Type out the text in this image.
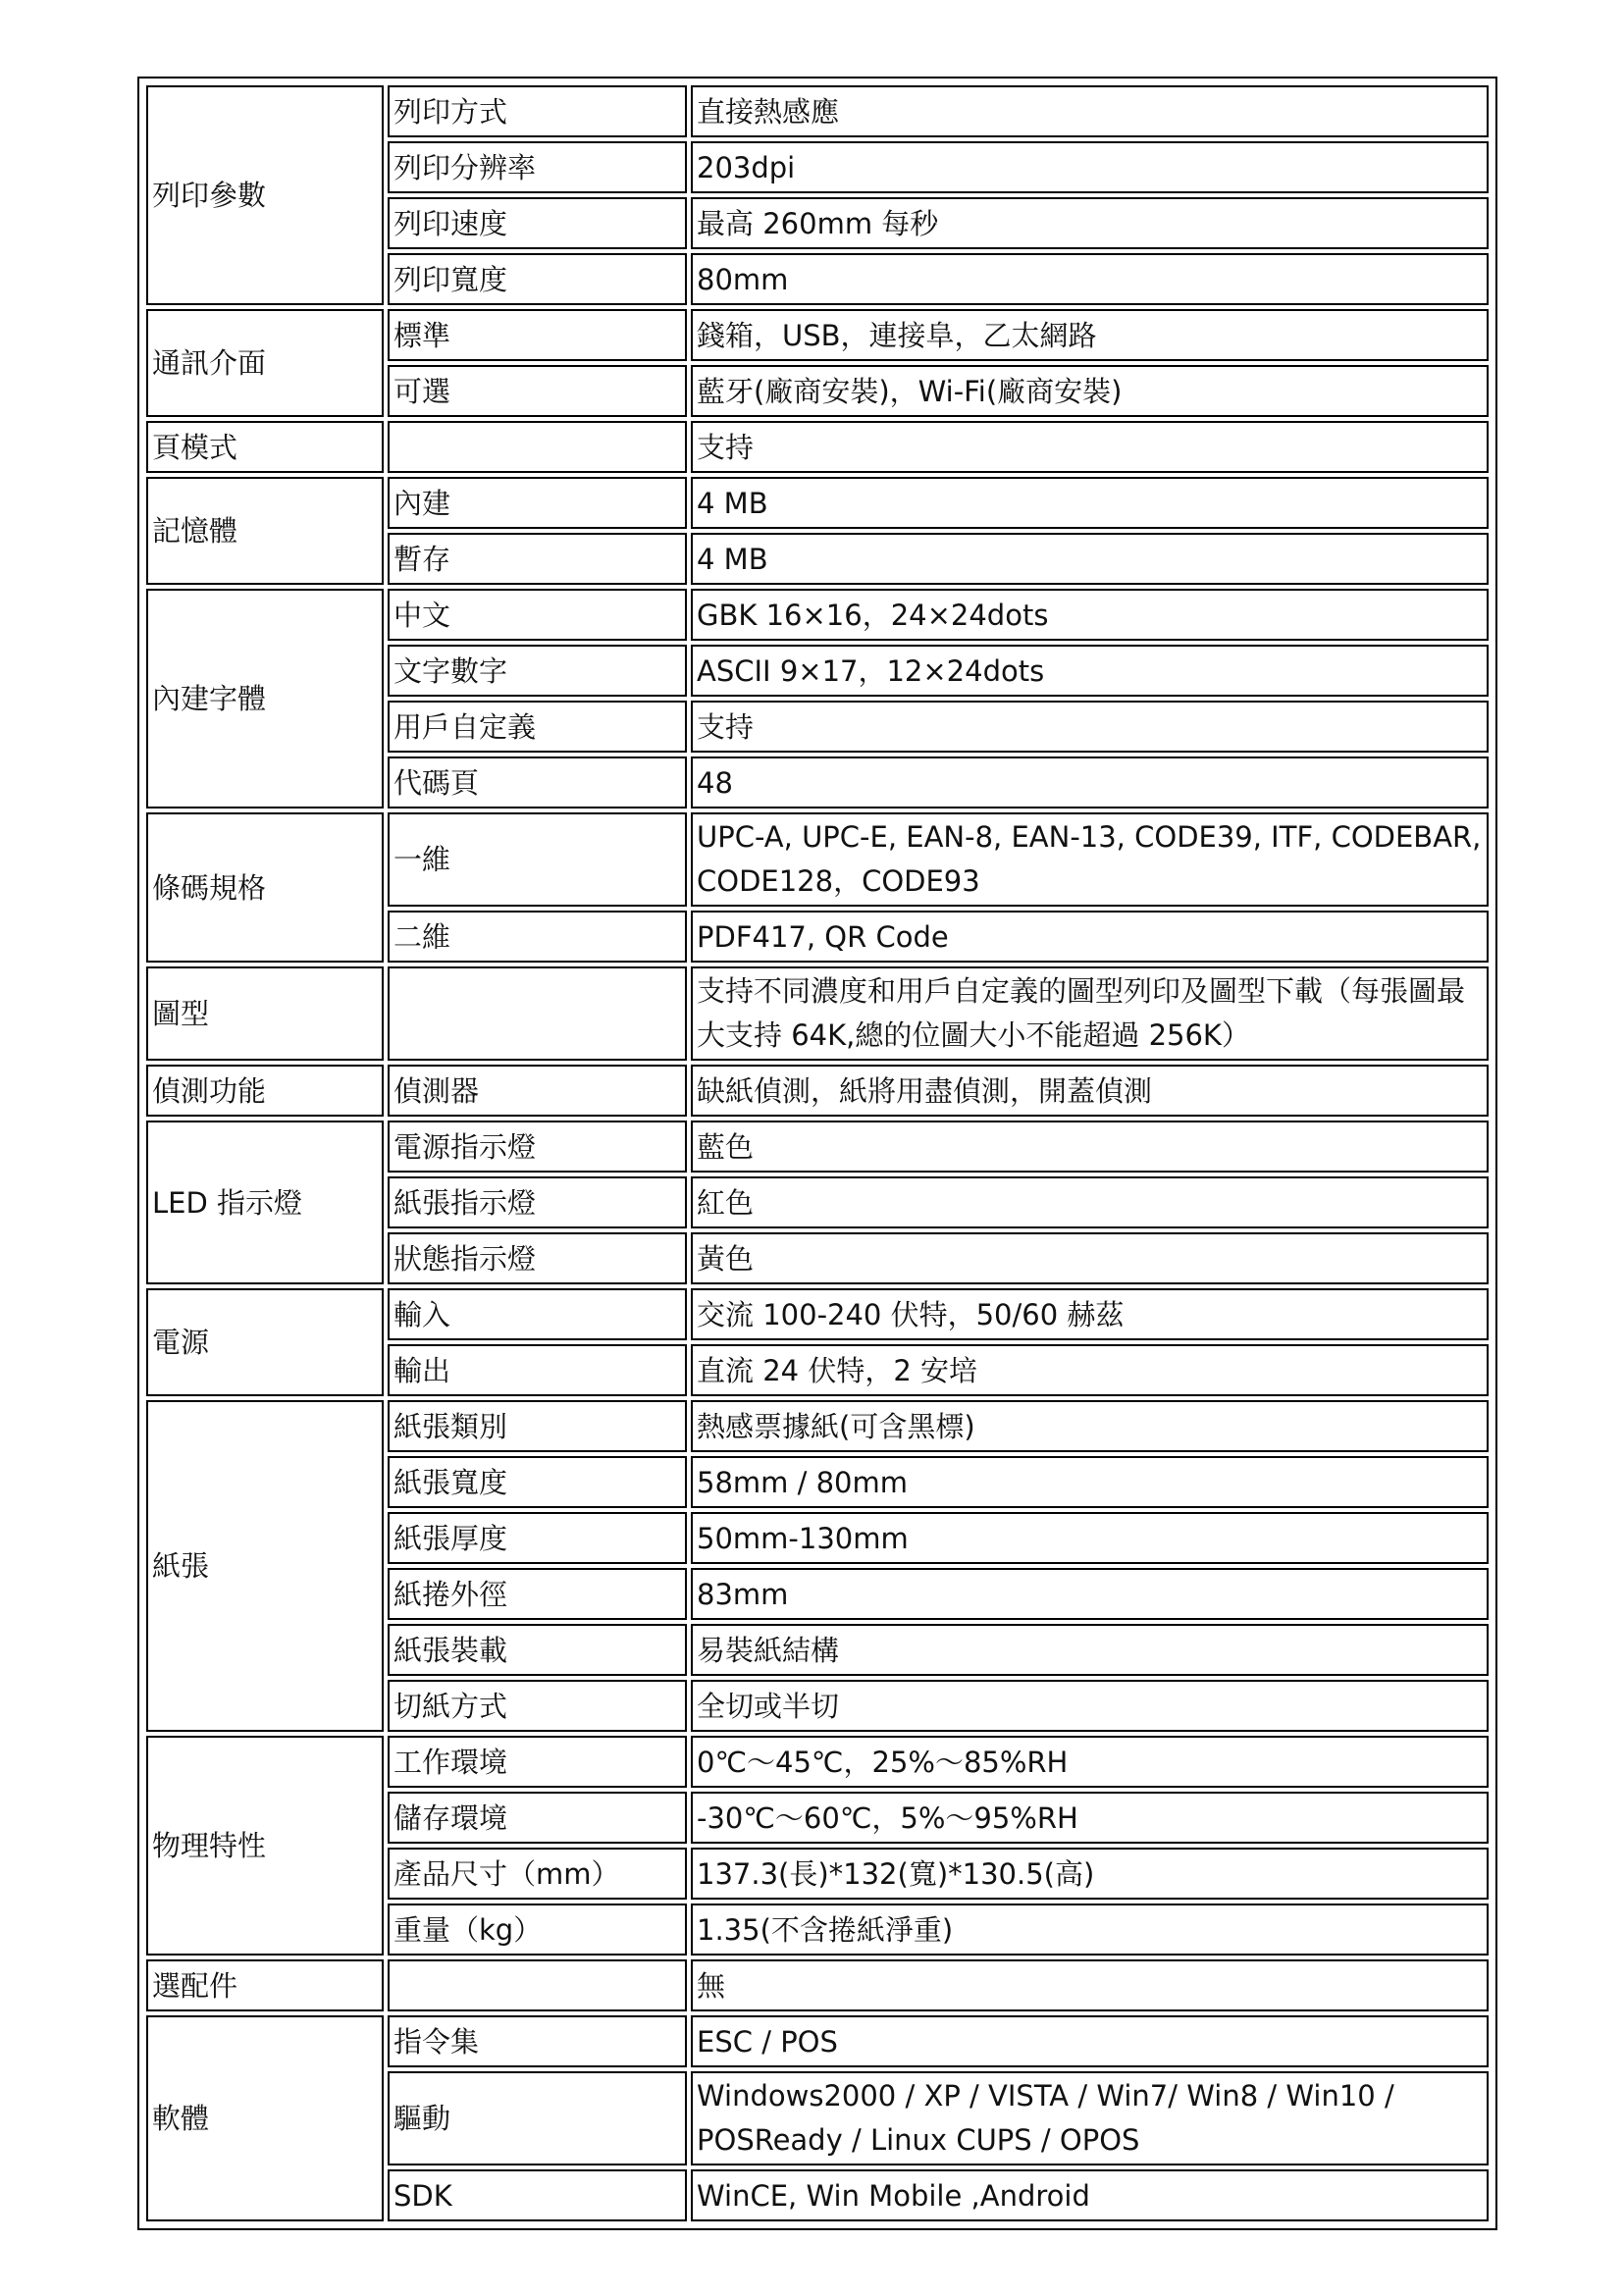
列印參數	列印方式	直接熱感應
	列印分辨率	203dpi
	列印速度	最高 260mm 每秒
	列印寬度	80mm
通訊介面	標準	錢箱，USB，連接阜，乙太網路
	可選	藍牙(廠商安裝)，Wi-Fi(廠商安裝)
頁模式		支持
記憶體	內建	4 MB
	暫存	4 MB
內建字體	中文	GBK 16×16，24×24dots
	文字數字	ASCII 9×17，12×24dots
	用戶自定義	支持
	代碼頁	48
條碼規格	一維	UPC-A, UPC-E, EAN-8, EAN-13, CODE39, ITF, CODEBAR, CODE128，CODE93
	二維	PDF417, QR Code
圖型		支持不同濃度和用戶自定義的圖型列印及圖型下載（每張圖最大支持 64K,總的位圖大小不能超過 256K）
偵測功能	偵測器	缺紙偵測，紙將用盡偵測，開蓋偵測
LED 指示燈	電源指示燈	藍色
	紙張指示燈	紅色
	狀態指示燈	黃色
電源	輸入	交流 100-240 伏特，50/60 赫茲
	輸出	直流 24 伏特，2 安培
紙張	紙張類別	熱感票據紙(可含黑標)
	紙張寬度	58mm / 80mm
	紙張厚度	50mm-130mm
	紙捲外徑	83mm
	紙張裝載	易裝紙結構
	切紙方式	全切或半切
物理特性	工作環境	0℃～45℃，25%～85%RH
	儲存環境	-30℃～60℃，5%～95%RH
	產品尺寸（mm）	137.3(長)*132(寬)*130.5(高)
	重量（kg）	1.35(不含捲紙淨重)
選配件		無
軟體	指令集	ESC / POS
	驅動	Windows2000 / XP / VISTA / Win7/ Win8 / Win10 / POSReady / Linux CUPS / OPOS
	SDK	WinCE, Win Mobile ,Android
